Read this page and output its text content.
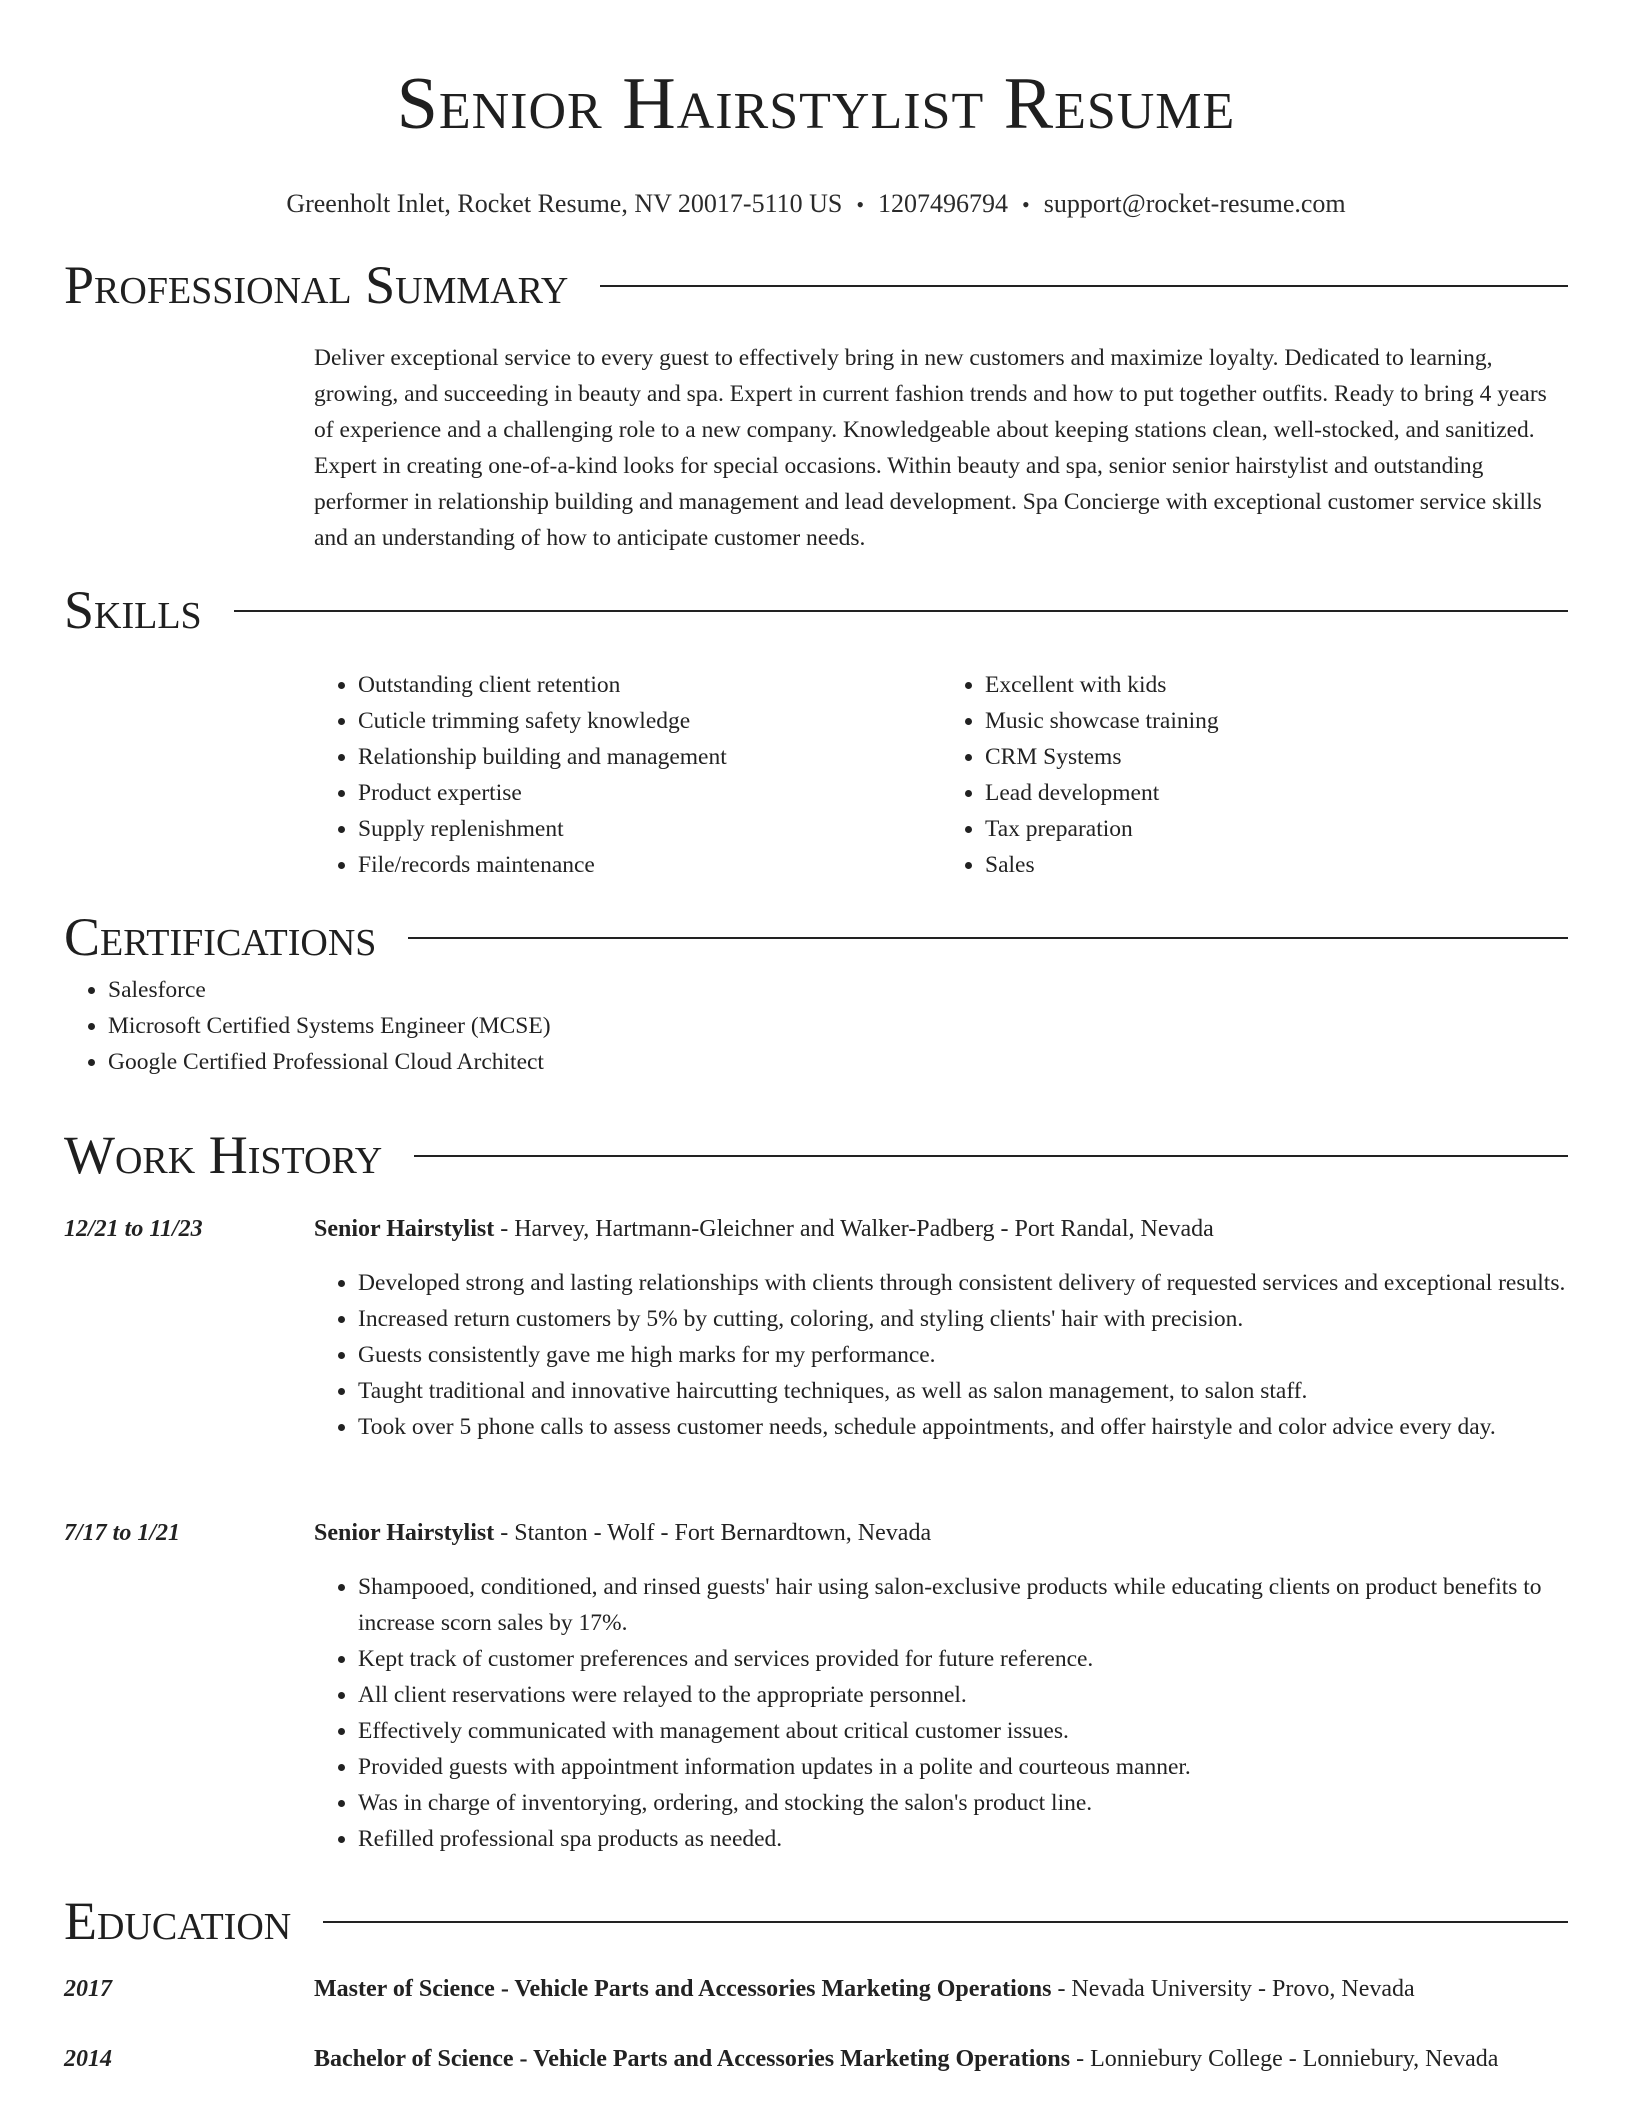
Senior Hairstylist Resume
Greenholt Inlet, Rocket Resume, NV 20017-5110 US • 1207496794 • support@rocket-resume.com
Professional Summary
Deliver exceptional service to every guest to effectively bring in new customers and maximize loyalty. Dedicated to learning, growing, and succeeding in beauty and spa. Expert in current fashion trends and how to put together outfits. Ready to bring 4 years of experience and a challenging role to a new company. Knowledgeable about keeping stations clean, well-stocked, and sanitized. Expert in creating one-of-a-kind looks for special occasions. Within beauty and spa, senior senior hairstylist and outstanding performer in relationship building and management and lead development. Spa Concierge with exceptional customer service skills and an understanding of how to anticipate customer needs.
Skills
• Outstanding client retention
• Cuticle trimming safety knowledge
• Relationship building and management
• Product expertise
• Supply replenishment
• File/records maintenance
• Excellent with kids
• Music showcase training
• CRM Systems
• Lead development
• Tax preparation
• Sales
Certifications
• Salesforce
• Microsoft Certified Systems Engineer (MCSE)
• Google Certified Professional Cloud Architect
Work History
12/21 to 11/23	Senior Hairstylist - Harvey, Hartmann-Gleichner and Walker-Padberg - Port Randal, Nevada
• Developed strong and lasting relationships with clients through consistent delivery of requested services and exceptional results.
• Increased return customers by 5% by cutting, coloring, and styling clients' hair with precision.
• Guests consistently gave me high marks for my performance.
• Taught traditional and innovative haircutting techniques, as well as salon management, to salon staff.
• Took over 5 phone calls to assess customer needs, schedule appointments, and offer hairstyle and color advice every day.
7/17 to 1/21	Senior Hairstylist - Stanton - Wolf - Fort Bernardtown, Nevada
• Shampooed, conditioned, and rinsed guests' hair using salon-exclusive products while educating clients on product benefits to increase scorn sales by 17%.
• Kept track of customer preferences and services provided for future reference.
• All client reservations were relayed to the appropriate personnel.
• Effectively communicated with management about critical customer issues.
• Provided guests with appointment information updates in a polite and courteous manner.
• Was in charge of inventorying, ordering, and stocking the salon's product line.
• Refilled professional spa products as needed.
Education
2017	Master of Science - Vehicle Parts and Accessories Marketing Operations - Nevada University - Provo, Nevada
2014	Bachelor of Science - Vehicle Parts and Accessories Marketing Operations - Lonniebury College - Lonniebury, Nevada
